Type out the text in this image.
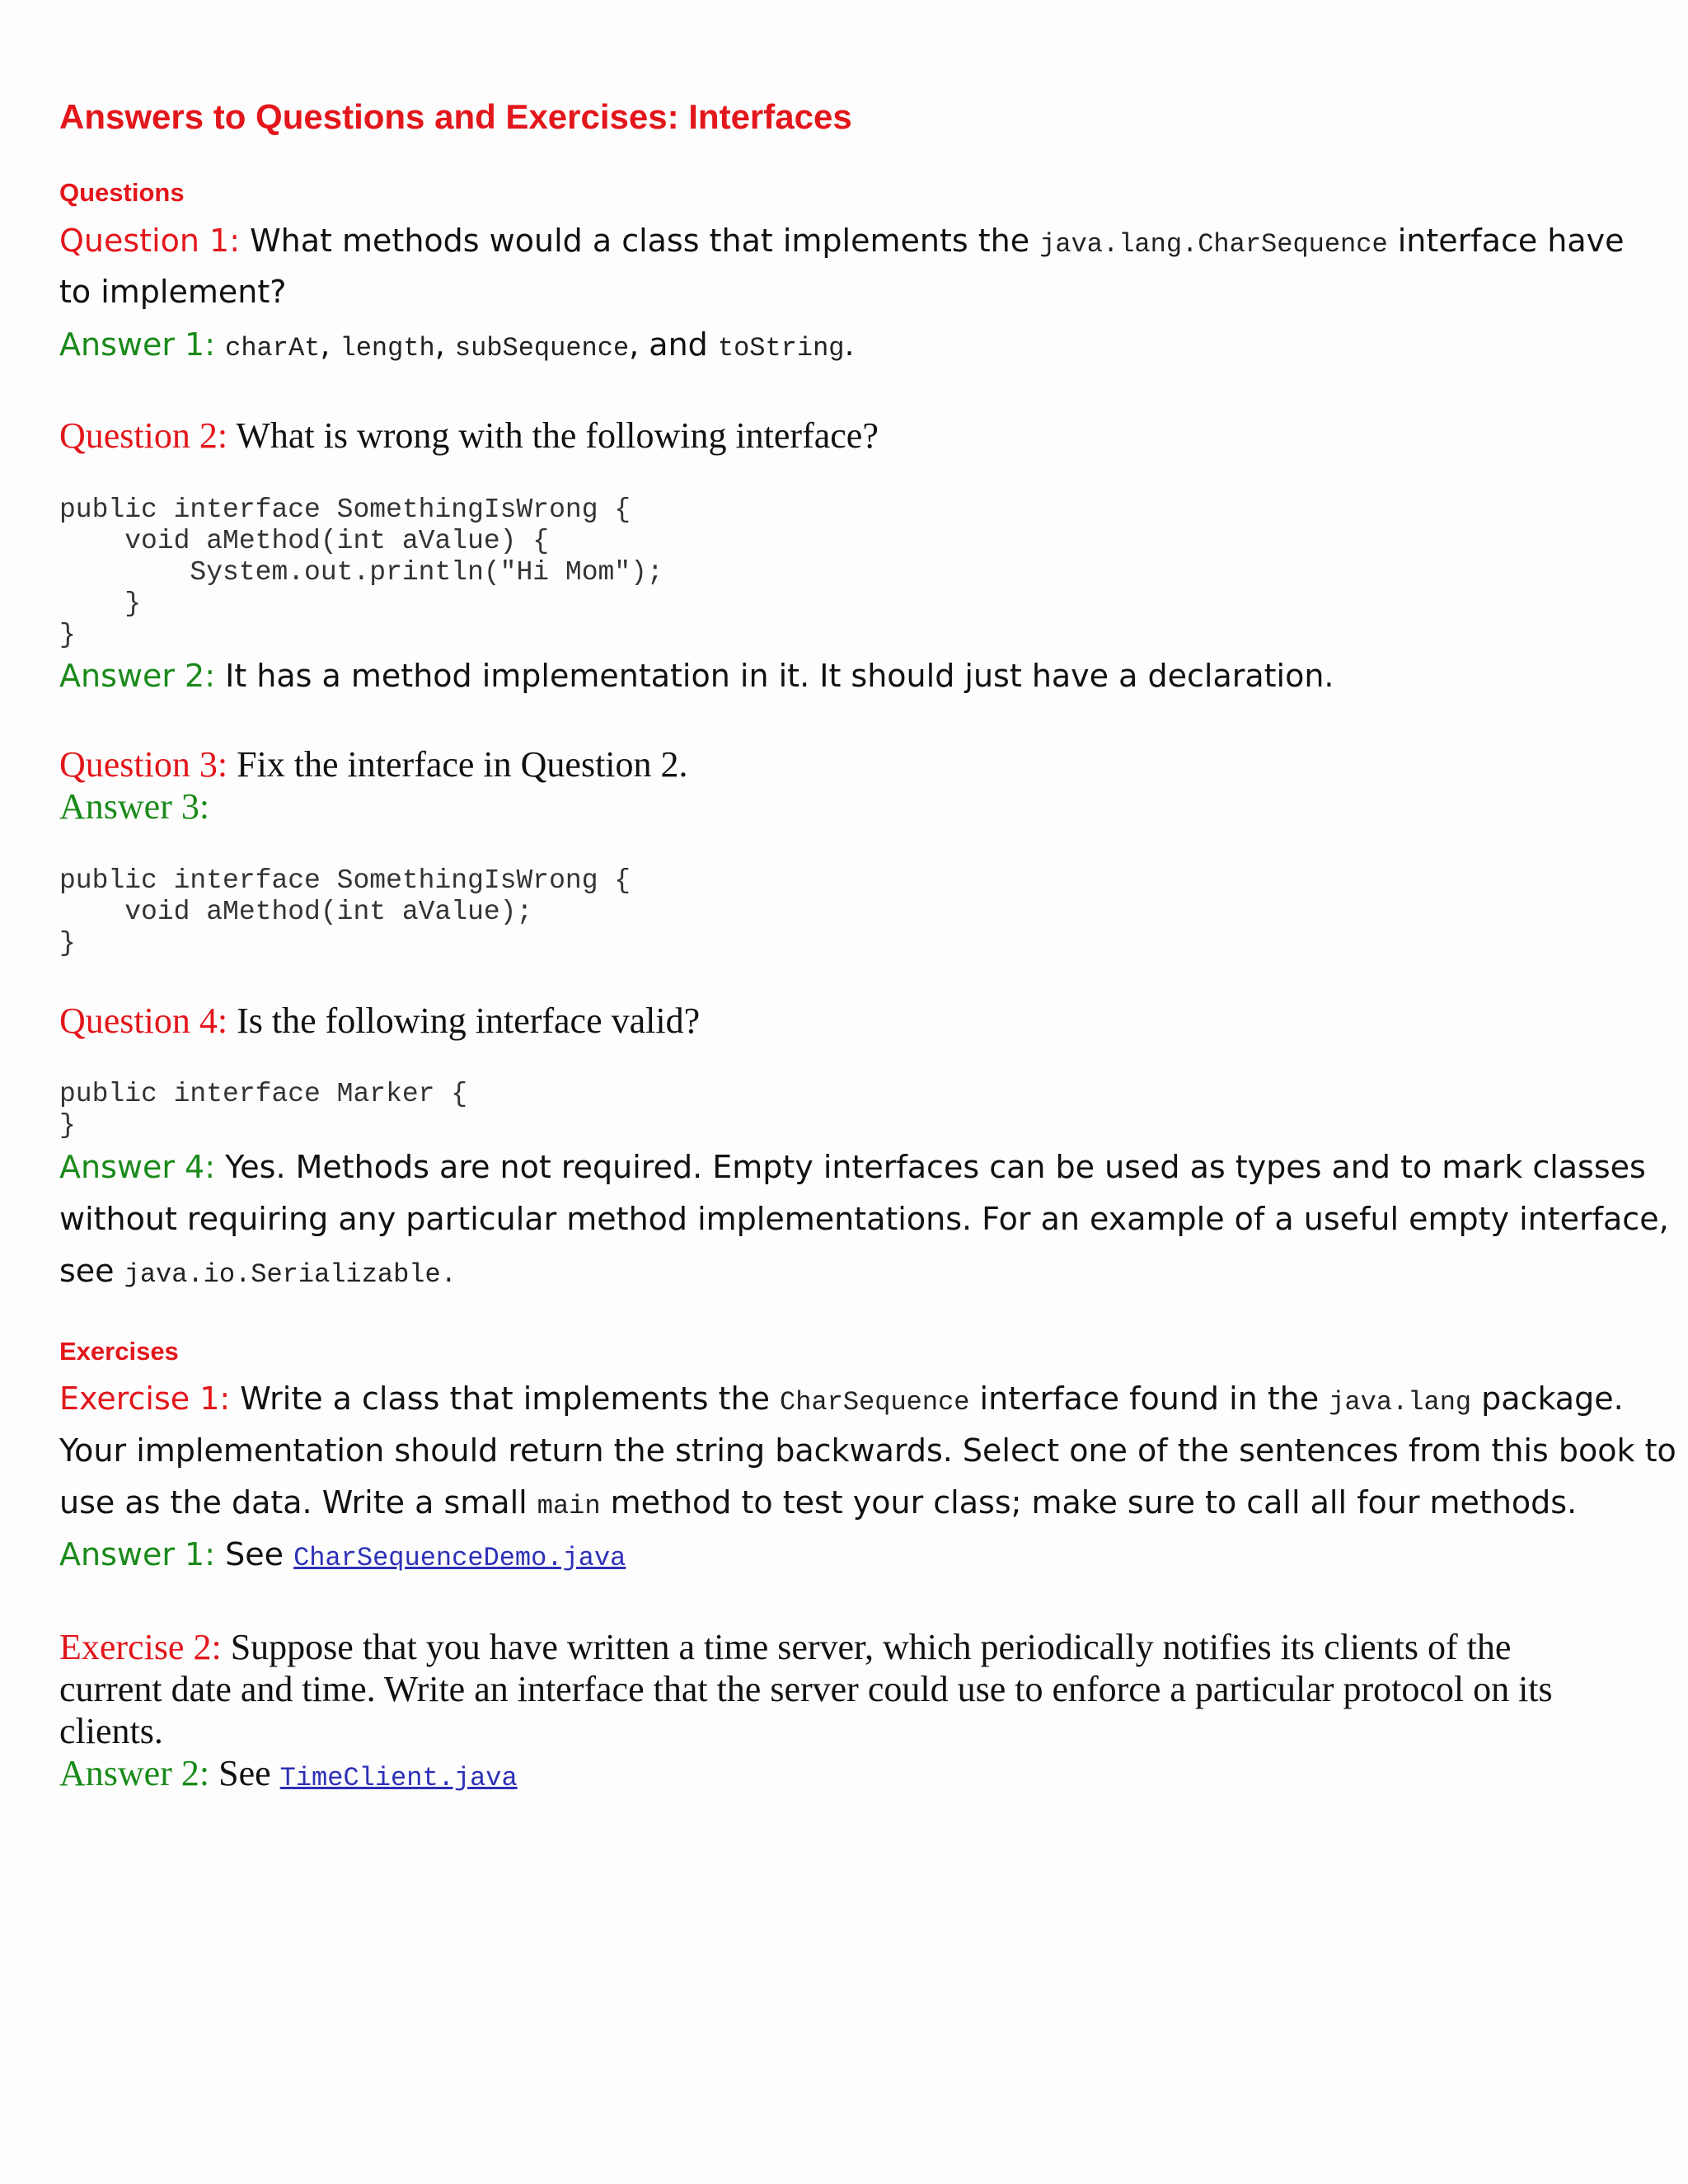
Answers to Questions and Exercises: Interfaces
Questions
Question 1: What methods would a class that implements the java.lang.CharSequence interface have
to implement?
Answer 1: charAt, length, subSequence, and toString.
Question 2: What is wrong with the following interface?
public interface SomethingIsWrong {
void aMethod(int aValue) {
System.out.println("Hi Mom");
}
}
Answer 2: It has a method implementation in it. It should just have a declaration.
Question 3: Fix the interface in Question 2.
Answer 3:
public interface SomethingIsWrong {
void aMethod(int aValue);
}
Question 4: Is the following interface valid?
public interface Marker {
}
Answer 4: Yes. Methods are not required. Empty interfaces can be used as types and to mark classes
without requiring any particular method implementations. For an example of a useful empty interface,
see java.io.Serializable.
Exercises
Exercise 1: Write a class that implements the CharSequence interface found in the java.lang package.
Your implementation should return the string backwards. Select one of the sentences from this book to
use as the data. Write a small main method to test your class; make sure to call all four methods.
Answer 1: See CharSequenceDemo.java
Exercise 2: Suppose that you have written a time server, which periodically notifies its clients of the
current date and time. Write an interface that the server could use to enforce a particular protocol on its
clients.
Answer 2: See TimeClient.java
